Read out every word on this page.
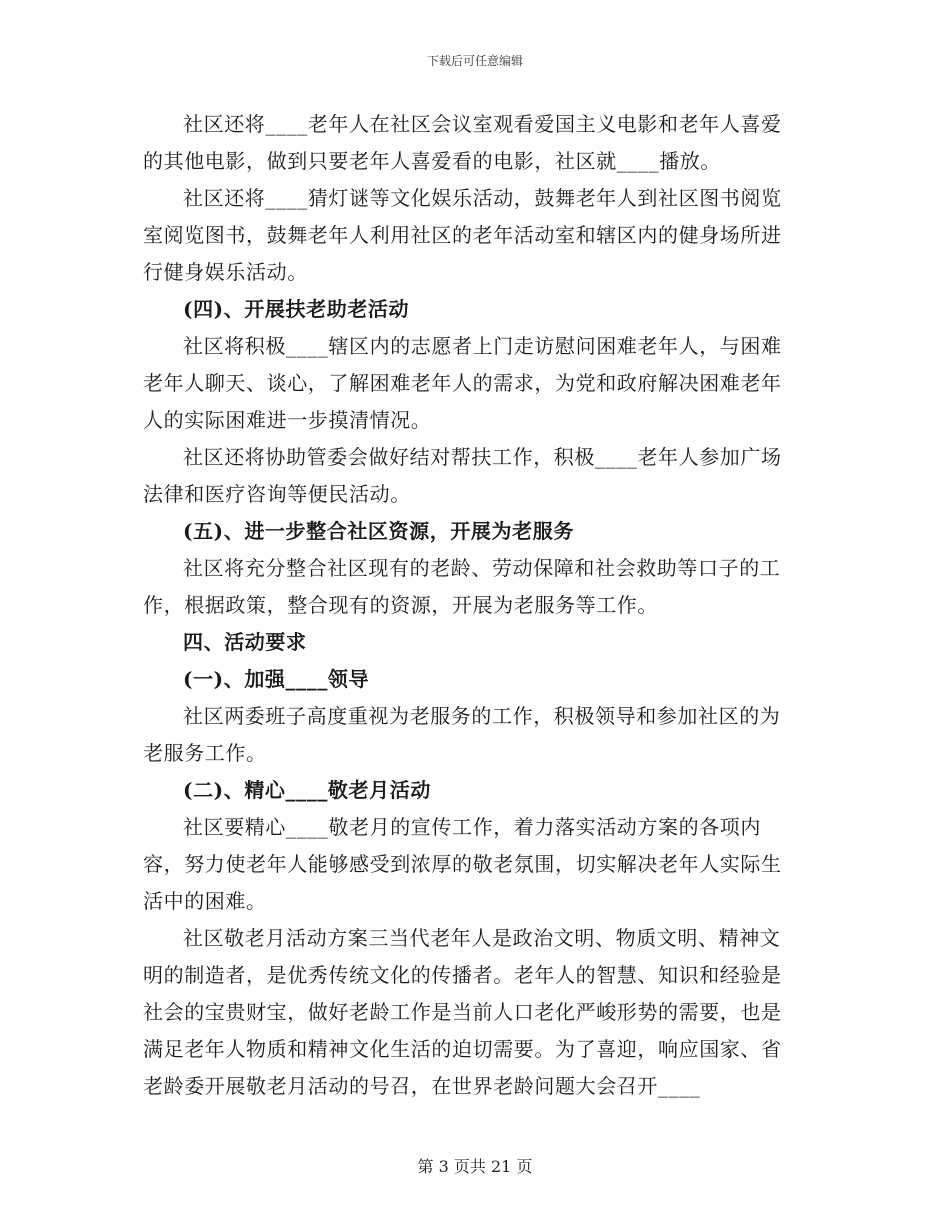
下载后可任意编辑

社区还将____老年人在社区会议室观看爱国主义电影和老年人喜爱的其他电影，做到只要老年人喜爱看的电影，社区就____播放。

社区还将____猜灯谜等文化娱乐活动，鼓舞老年人到社区图书阅览室阅览图书，鼓舞老年人利用社区的老年活动室和辖区内的健身场所进行健身娱乐活动。

(四)、开展扶老助老活动

社区将积极____辖区内的志愿者上门走访慰问困难老年人，与困难老年人聊天、谈心，了解困难老年人的需求，为党和政府解决困难老年人的实际困难进一步摸清情况。

社区还将协助管委会做好结对帮扶工作，积极____老年人参加广场法律和医疗咨询等便民活动。

(五)、进一步整合社区资源，开展为老服务

社区将充分整合社区现有的老龄、劳动保障和社会救助等口子的工作，根据政策，整合现有的资源，开展为老服务等工作。

四、活动要求

(一)、加强____领导

社区两委班子高度重视为老服务的工作，积极领导和参加社区的为老服务工作。

(二)、精心____敬老月活动

社区要精心____敬老月的宣传工作，着力落实活动方案的各项内容，努力使老年人能够感受到浓厚的敬老氛围，切实解决老年人实际生活中的困难。

社区敬老月活动方案三当代老年人是政治文明、物质文明、精神文明的制造者，是优秀传统文化的传播者。老年人的智慧、知识和经验是社会的宝贵财宝，做好老龄工作是当前人口老化严峻形势的需要，也是满足老年人物质和精神文化生活的迫切需要。为了喜迎，响应国家、省老龄委开展敬老月活动的号召，在世界老龄问题大会召开____

第 3 页共 21 页
